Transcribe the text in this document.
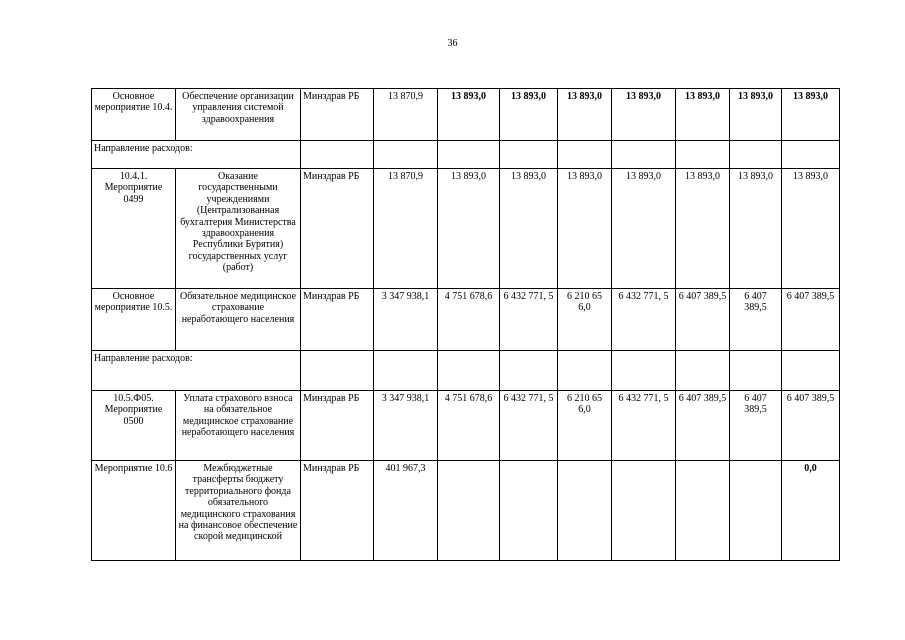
36
Основное мероприятие 10.4.	Обеспечение организации управления системой здравоохранения	Минздрав РБ	13 870,9	13 893,0	13 893,0	13 893,0	13 893,0	13 893,0	13 893,0	13 893,0
Направление расходов:										
10.4.1. Мероприятие 0499	Оказание государственными учреждениями (Централизованная бухгалтерия Министерства здравоохранения Республики Бурятия) государственных услуг (работ)	Минздрав РБ	13 870,9	13 893,0	13 893,0	13 893,0	13 893,0	13 893,0	13 893,0	13 893,0
Основное мероприятие 10.5.	Обязательное медицинское страхование неработающего населения	Минздрав РБ	3 347 938,1	4 751 678,6	6 432 771, 5	6 210 65 6,0	6 432 771, 5	6 407 389,5	6 407 389,5	6 407 389,5
Направление расходов:										
10.5.Ф05. Мероприятие 0500	Уплата страхового взноса на обязательное медицинское страхование неработающего населения	Минздрав РБ	3 347 938,1	4 751 678,6	6 432 771, 5	6 210 65 6,0	6 432 771, 5	6 407 389,5	6 407 389,5	6 407 389,5
Мероприятие 10.6	Межбюджетные трансферты бюджету территориального фонда обязательного медицинского страхования на финансовое обеспечение скорой медицинской	Минздрав РБ	401 967,3							0,0
